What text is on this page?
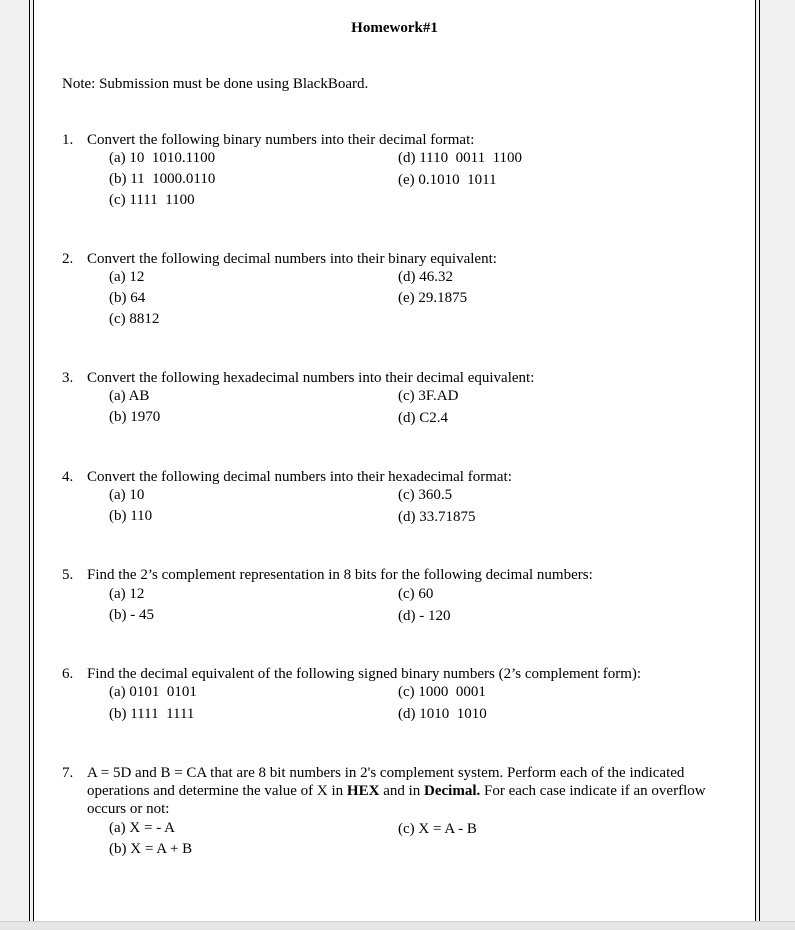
Homework#1
Note: Submission must be done using BlackBoard.
1. Convert the following binary numbers into their decimal format:
(a) 10  1010.1100
(b) 11  1000.0110
(c) 1111  1100
(d) 1110  0011  1100
(e) 0.1010  1011
2. Convert the following decimal numbers into their binary equivalent:
(a) 12
(b) 64
(c) 8812
(d) 46.32
(e) 29.1875
3. Convert the following hexadecimal numbers into their decimal equivalent:
(a) AB
(b) 1970
(c) 3F.AD
(d) C2.4
4. Convert the following decimal numbers into their hexadecimal format:
(a) 10
(b) 110
(c) 360.5
(d) 33.71875
5. Find the 2’s complement representation in 8 bits for the following decimal numbers:
(a) 12
(b) - 45
(c) 60
(d) - 120
6. Find the decimal equivalent of the following signed binary numbers (2’s complement form):
(a) 0101  0101
(b) 1111  1111
(c) 1000  0001
(d) 1010  1010
7. A = 5D and B = CA that are 8 bit numbers in 2's complement system. Perform each of the indicated operations and determine the value of X in HEX and in Decimal. For each case indicate if an overflow occurs or not:
(a) X = - A
(b) X = A + B
(c) X = A - B
